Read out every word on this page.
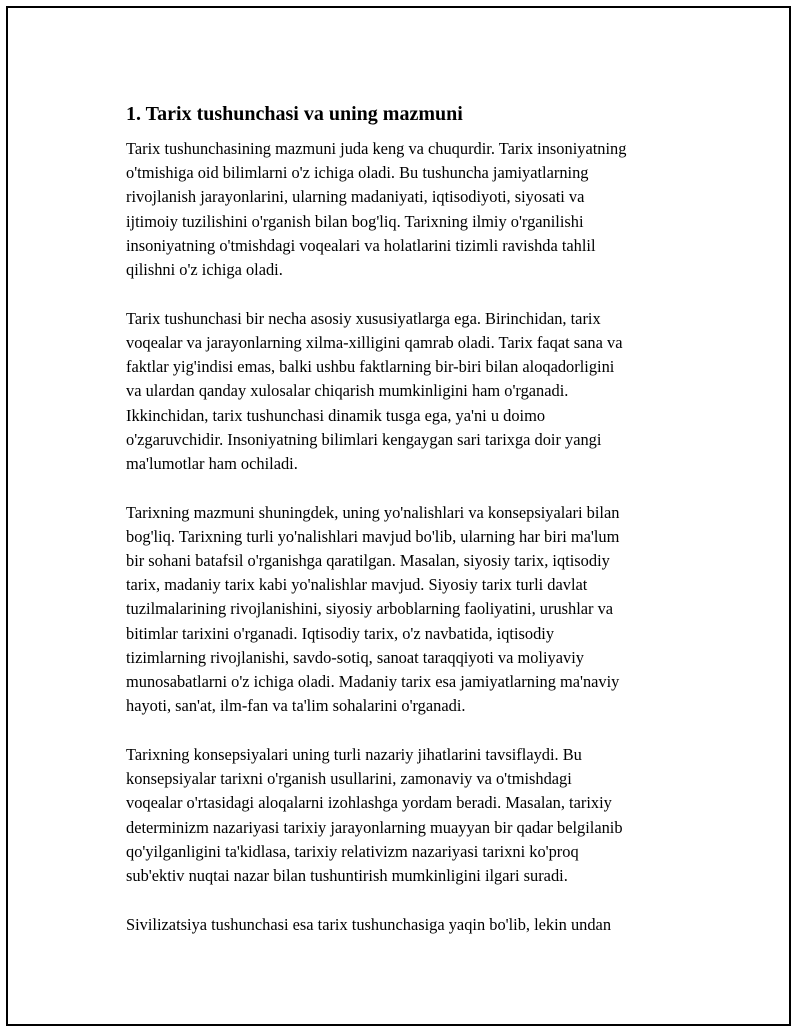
1. Tarix tushunchasi va uning mazmuni
Tarix tushunchasining mazmuni juda keng va chuqurdir. Tarix insoniyatning
o'tmishiga oid bilimlarni o'z ichiga oladi. Bu tushuncha jamiyatlarning
rivojlanish jarayonlarini, ularning madaniyati, iqtisodiyoti, siyosati va
ijtimoiy tuzilishini o'rganish bilan bog'liq. Tarixning ilmiy o'rganilishi
insoniyatning o'tmishdagi voqealari va holatlarini tizimli ravishda tahlil
qilishni o'z ichiga oladi.
Tarix tushunchasi bir necha asosiy xususiyatlarga ega. Birinchidan, tarix
voqealar va jarayonlarning xilma-xilligini qamrab oladi. Tarix faqat sana va
faktlar yig'indisi emas, balki ushbu faktlarning bir-biri bilan aloqadorligini
va ulardan qanday xulosalar chiqarish mumkinligini ham o'rganadi.
Ikkinchidan, tarix tushunchasi dinamik tusga ega, ya'ni u doimo
o'zgaruvchidir. Insoniyatning bilimlari kengaygan sari tarixga doir yangi
ma'lumotlar ham ochiladi.
Tarixning mazmuni shuningdek, uning yo'nalishlari va konsepsiyalari bilan
bog'liq. Tarixning turli yo'nalishlari mavjud bo'lib, ularning har biri ma'lum
bir sohani batafsil o'rganishga qaratilgan. Masalan, siyosiy tarix, iqtisodiy
tarix, madaniy tarix kabi yo'nalishlar mavjud. Siyosiy tarix turli davlat
tuzilmalarining rivojlanishini, siyosiy arboblarning faoliyatini, urushlar va
bitimlar tarixini o'rganadi. Iqtisodiy tarix, o'z navbatida, iqtisodiy
tizimlarning rivojlanishi, savdo-sotiq, sanoat taraqqiyoti va moliyaviy
munosabatlarni o'z ichiga oladi. Madaniy tarix esa jamiyatlarning ma'naviy
hayoti, san'at, ilm-fan va ta'lim sohalarini o'rganadi.
Tarixning konsepsiyalari uning turli nazariy jihatlarini tavsiflaydi. Bu
konsepsiyalar tarixni o'rganish usullarini, zamonaviy va o'tmishdagi
voqealar o'rtasidagi aloqalarni izohlashga yordam beradi. Masalan, tarixiy
determinizm nazariyasi tarixiy jarayonlarning muayyan bir qadar belgilanib
qo'yilganligini ta'kidlasa, tarixiy relativizm nazariyasi tarixni ko'proq
sub'ektiv nuqtai nazar bilan tushuntirish mumkinligini ilgari suradi.
Sivilizatsiya tushunchasi esa tarix tushunchasiga yaqin bo'lib, lekin undan
